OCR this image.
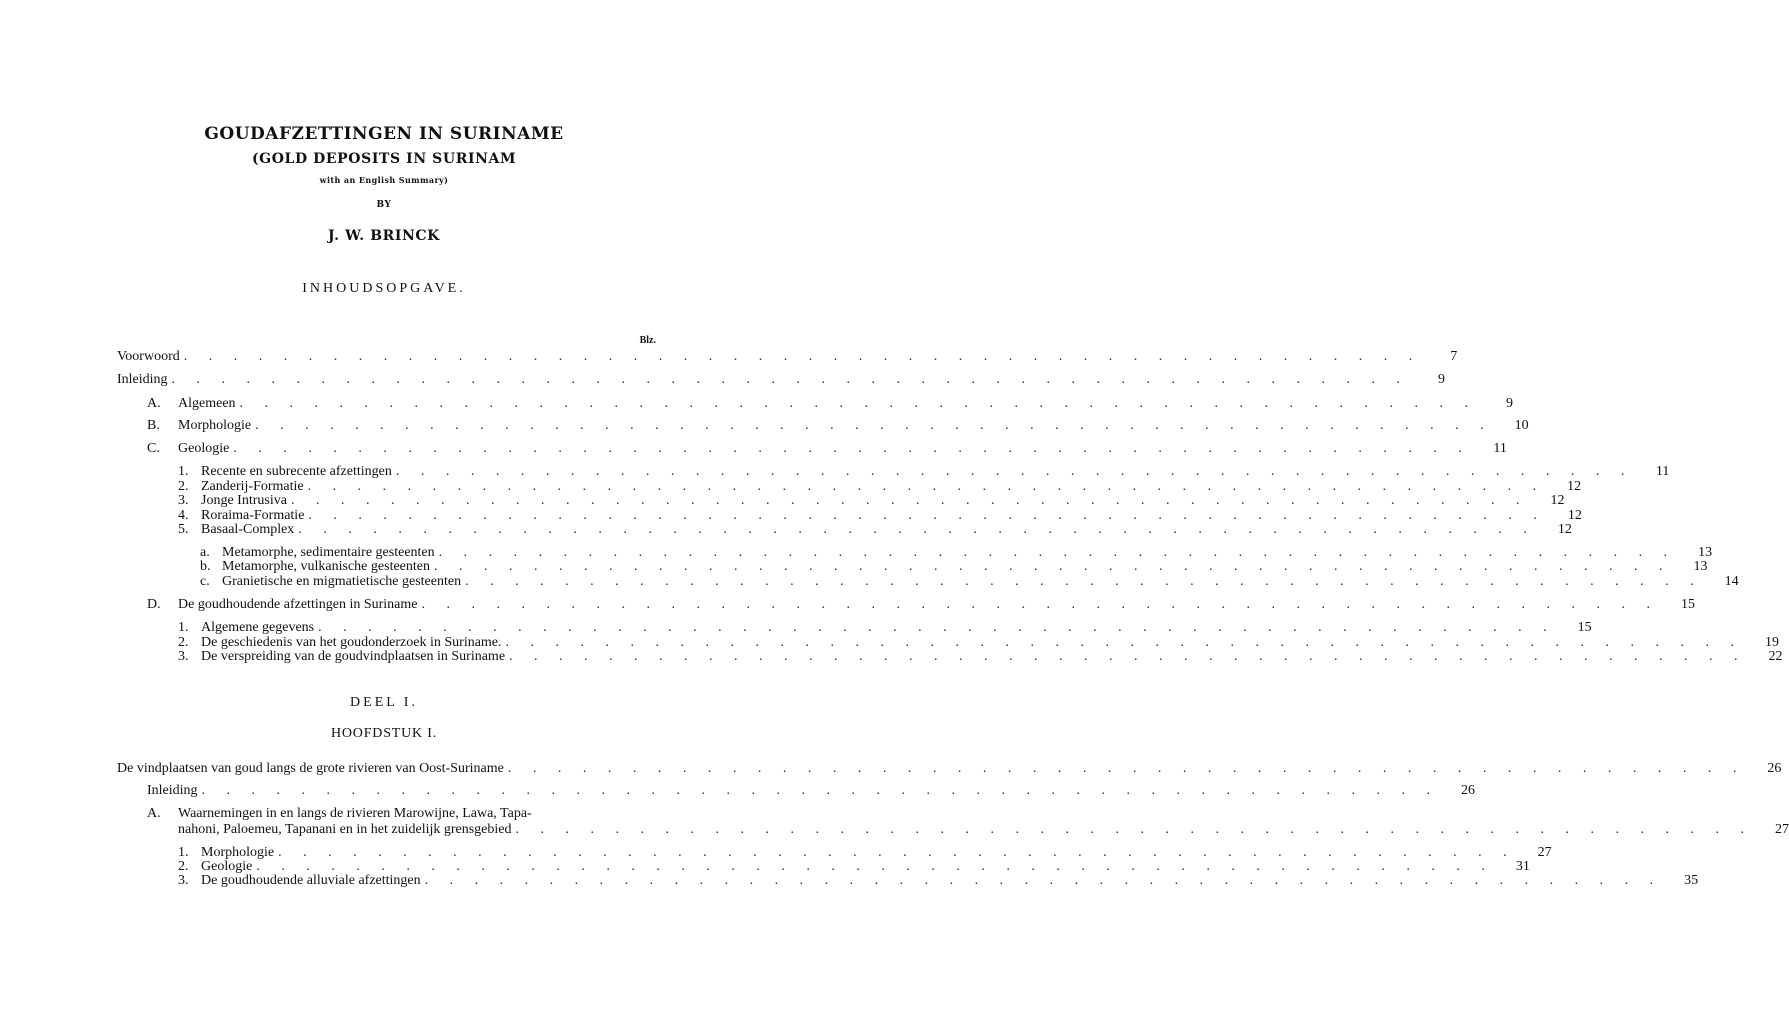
GOUDAFZETTINGEN IN SURINAME
(GOLD DEPOSITS IN SURINAM
with an English Summary)
BY
J. W. BRINCK
INHOUDSOPGAVE.
Blz.
Voorwoord . . . . . . . . . . . . . . . . . . . . . . . . . . . . . . . . . . . . . . . . . . . . . . . . . .	7
Inleiding . . . . . . . . . . . . . . . . . . . . . . . . . . . . . . . . . . . . . . . . . . . . . . . . . .	9
A.	Algemeen . . . . . . . . . . . . . . . . . . . . . . . . . . . . . . . . . . . . . . . . . . . . . . . . . .	9
B.	Morphologie . . . . . . . . . . . . . . . . . . . . . . . . . . . . . . . . . . . . . . . . . . . . . . . . . .	10
C.	Geologie . . . . . . . . . . . . . . . . . . . . . . . . . . . . . . . . . . . . . . . . . . . . . . . . . .	11
1. Recente en subrecente afzettingen . . . . . . . . . . . . . . . . . . . . . . . . . . . . . . . . . . . . . . . . . . . . . . . . . .	11
2. Zanderij-Formatie . . . . . . . . . . . . . . . . . . . . . . . . . . . . . . . . . . . . . . . . . . . . . . . . . .	12
3. Jonge Intrusiva . . . . . . . . . . . . . . . . . . . . . . . . . . . . . . . . . . . . . . . . . . . . . . . . . .	12
4. Roraima-Formatie . . . . . . . . . . . . . . . . . . . . . . . . . . . . . . . . . . . . . . . . . . . . . . . . . .	12
5. Basaal-Complex . . . . . . . . . . . . . . . . . . . . . . . . . . . . . . . . . . . . . . . . . . . . . . . . . .	12
a. Metamorphe, sedimentaire gesteenten . . . . . . . . . . . . . . . . . . . . . . . . . . . . . . . . . . . . . . . . . . . . . . . . . .	13
b. Metamorphe, vulkanische gesteenten . . . . . . . . . . . . . . . . . . . . . . . . . . . . . . . . . . . . . . . . . . . . . . . . . .	13
c. Granietische en migmatietische gesteenten . . . . . . . . . . . . . . . . . . . . . . . . . . . . . . . . . . . . . . . . . . . . . . . . . .	14
D.	De goudhoudende afzettingen in Suriname . . . . . . . . . . . . . . . . . . . . . . . . . . . . . . . . . . . . . . . . . . . . . . . . . .	15
1. Algemene gegevens . . . . . . . . . . . . . . . . . . . . . . . . . . . . . . . . . . . . . . . . . . . . . . . . . .	15
2. De geschiedenis van het goudonderzoek in Suriname. . . . . . . . . . . . . . . . . . . . . . . . . . . . . . . . . . . . . . . . . . . . . . . . . . .	19
3. De verspreiding van de goudvindplaatsen in Suriname . . . . . . . . . . . . . . . . . . . . . . . . . . . . . . . . . . . . . . . . . . . . . . . . . .	22
DEEL I.
HOOFDSTUK I.
De vindplaatsen van goud langs de grote rivieren van Oost-Suriname . . . . . . . . . . . . . . . . . . . . . . . . . . . . . . . . . . . . . . . . . . . . . . . . . .	26
Inleiding . . . . . . . . . . . . . . . . . . . . . . . . . . . . . . . . . . . . . . . . . . . . . . . . . .	26
A.	Waarnemingen in en langs de rivieren Marowijne, Lawa, Tapa-
nahoni, Paloemeu, Tapanani en in het zuidelijk grensgebied . . . . . . . . . . . . . . . . . . . . . . . . . . . . . . . . . . . . . . . . . . . . . . . . . .	27
1. Morphologie . . . . . . . . . . . . . . . . . . . . . . . . . . . . . . . . . . . . . . . . . . . . . . . . . .	27
2. Geologie . . . . . . . . . . . . . . . . . . . . . . . . . . . . . . . . . . . . . . . . . . . . . . . . . .	31
3. De goudhoudende alluviale afzettingen . . . . . . . . . . . . . . . . . . . . . . . . . . . . . . . . . . . . . . . . . . . . . . . . . .	35
